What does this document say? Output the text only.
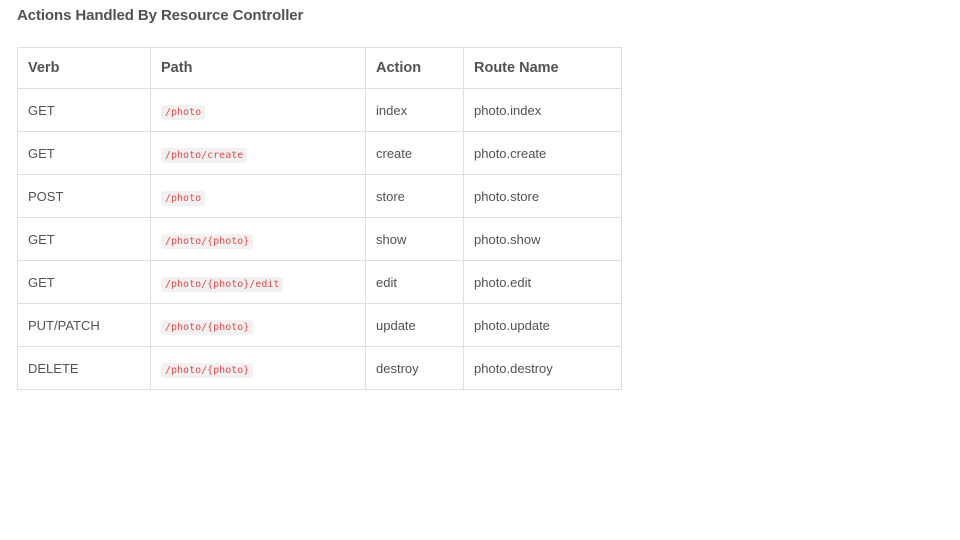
Actions Handled By Resource Controller
Verb	Path	Action	Route Name
GET	/photo	index	photo.index
GET	/photo/create	create	photo.create
POST	/photo	store	photo.store
GET	/photo/{photo}	show	photo.show
GET	/photo/{photo}/edit	edit	photo.edit
PUT/PATCH	/photo/{photo}	update	photo.update
DELETE	/photo/{photo}	destroy	photo.destroy
